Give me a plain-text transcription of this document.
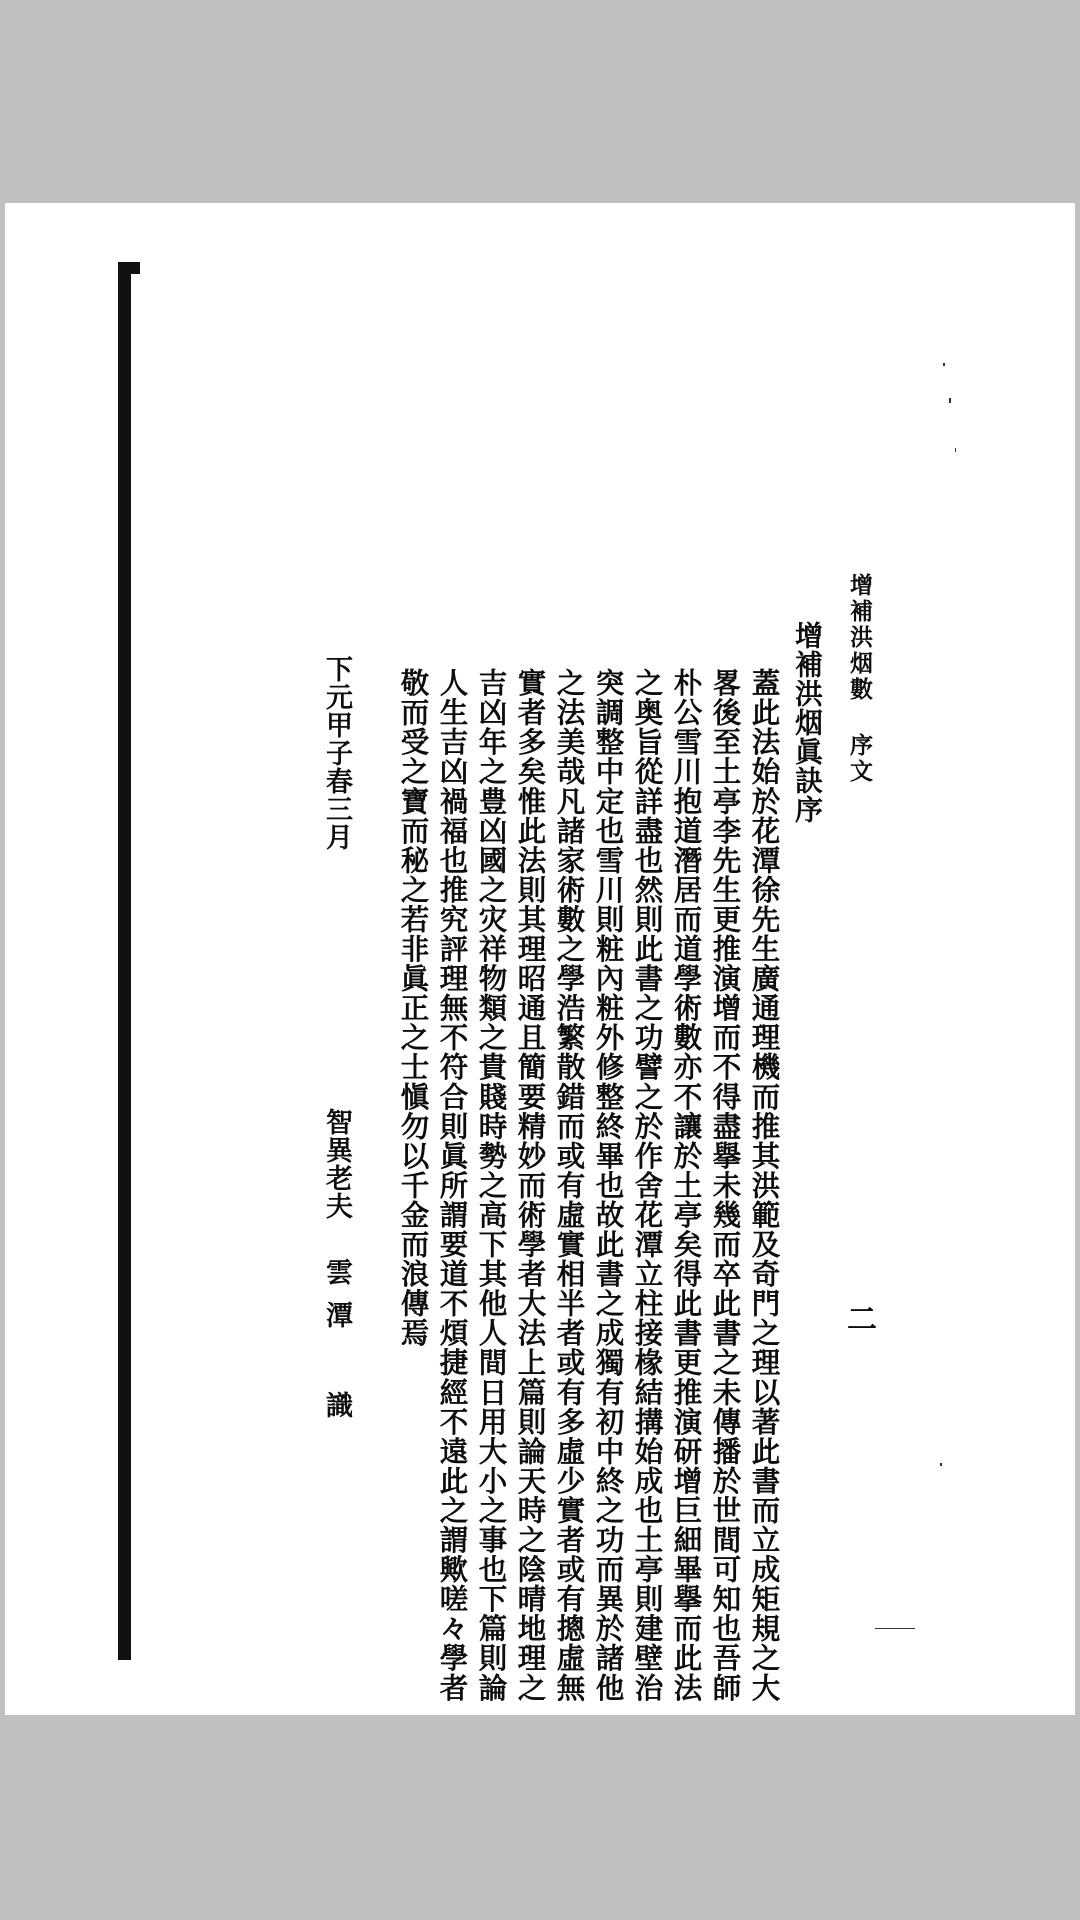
增補洪烟數 序文
二
增補洪烟眞訣序
蓋此法始於花潭徐先生廣通理機而推其洪範及奇門之理以著此書而立成矩規之大
畧後至土亭李先生更推演增而不得盡擧未幾而卒此書之未傳播於世間可知也吾師
朴公雪川抱道潛居而道學術數亦不讓於土亭矣得此書更推演研增巨細畢擧而此法
之奥旨從詳盡也然則此書之功譬之於作舍花潭立柱接椽結搆始成也土亭則建壁治
突調整中定也雪川則粧內粧外修整終畢也故此書之成獨有初中終之功而異於諸他
之法美哉凡諸家術數之學浩繁散錯而或有虛實相半者或有多虛少實者或有摠虛無
實者多矣惟此法則其理昭通且簡要精妙而術學者大法上篇則論天時之陰晴地理之
吉凶年之豊凶國之灾祥物類之貴賤時勢之高下其他人間日用大小之事也下篇則論
人生吉凶禍福也推究評理無不符合則眞所謂要道不煩捷經不遠此之謂歟嗟々學者
敬而受之寶而秘之若非眞正之士愼勿以千金而浪傳焉
下元甲子春三月
智異老夫
雲潭 識
